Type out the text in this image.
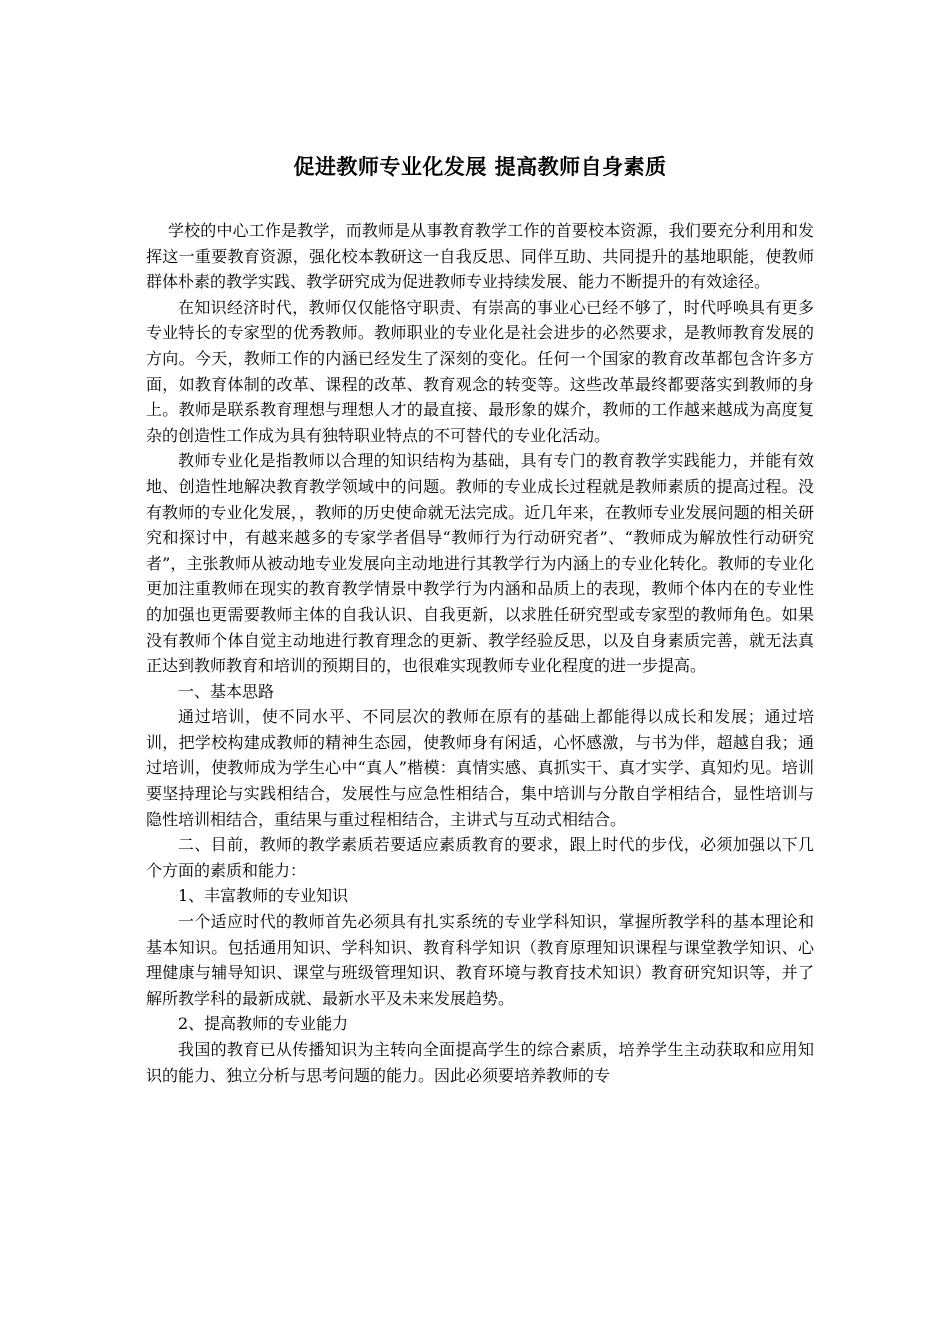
促进教师专业化发展 提高教师自身素质

学校的中心工作是教学，而教师是从事教育教学工作的首要校本资源，我们要充分利用和发挥这一重要教育资源，强化校本教研这一自我反思、同伴互助、共同提升的基地职能，使教师群体朴素的教学实践、教学研究成为促进教师专业持续发展、能力不断提升的有效途径。

在知识经济时代，教师仅仅能恪守职责、有崇高的事业心已经不够了，时代呼唤具有更多专业特长的专家型的优秀教师。教师职业的专业化是社会进步的必然要求，是教师教育发展的方向。今天，教师工作的内涵已经发生了深刻的变化。任何一个国家的教育改革都包含许多方面，如教育体制的改革、课程的改革、教育观念的转变等。这些改革最终都要落实到教师的身上。教师是联系教育理想与理想人才的最直接、最形象的媒介，教师的工作越来越成为高度复杂的创造性工作成为具有独特职业特点的不可替代的专业化活动。

教师专业化是指教师以合理的知识结构为基础，具有专门的教育教学实践能力，并能有效地、创造性地解决教育教学领域中的问题。教师的专业成长过程就是教师素质的提高过程。没有教师的专业化发展，，教师的历史使命就无法完成。近几年来，在教师专业发展问题的相关研究和探讨中，有越来越多的专家学者倡导“教师行为行动研究者”、“教师成为解放性行动研究者”，主张教师从被动地专业发展向主动地进行其教学行为内涵上的专业化转化。教师的专业化更加注重教师在现实的教育教学情景中教学行为内涵和品质上的表现，教师个体内在的专业性的加强也更需要教师主体的自我认识、自我更新，以求胜任研究型或专家型的教师角色。如果没有教师个体自觉主动地进行教育理念的更新、教学经验反思，以及自身素质完善，就无法真正达到教师教育和培训的预期目的，也很难实现教师专业化程度的进一步提高。

一、基本思路

通过培训，使不同水平、不同层次的教师在原有的基础上都能得以成长和发展；通过培训，把学校构建成教师的精神生态园，使教师身有闲适，心怀感激，与书为伴，超越自我；通过培训，使教师成为学生心中“真人”楷模：真情实感、真抓实干、真才实学、真知灼见。培训要坚持理论与实践相结合，发展性与应急性相结合，集中培训与分散自学相结合，显性培训与隐性培训相结合，重结果与重过程相结合，主讲式与互动式相结合。

二、目前，教师的教学素质若要适应素质教育的要求，跟上时代的步伐，必须加强以下几个方面的素质和能力：

1、丰富教师的专业知识

一个适应时代的教师首先必须具有扎实系统的专业学科知识，掌握所教学科的基本理论和基本知识。包括通用知识、学科知识、教育科学知识（教育原理知识课程与课堂教学知识、心理健康与辅导知识、课堂与班级管理知识、教育环境与教育技术知识）教育研究知识等，并了解所教学科的最新成就、最新水平及未来发展趋势。

2、提高教师的专业能力

我国的教育已从传播知识为主转向全面提高学生的综合素质，培养学生主动获取和应用知识的能力、独立分析与思考问题的能力。因此必须要培养教师的专
